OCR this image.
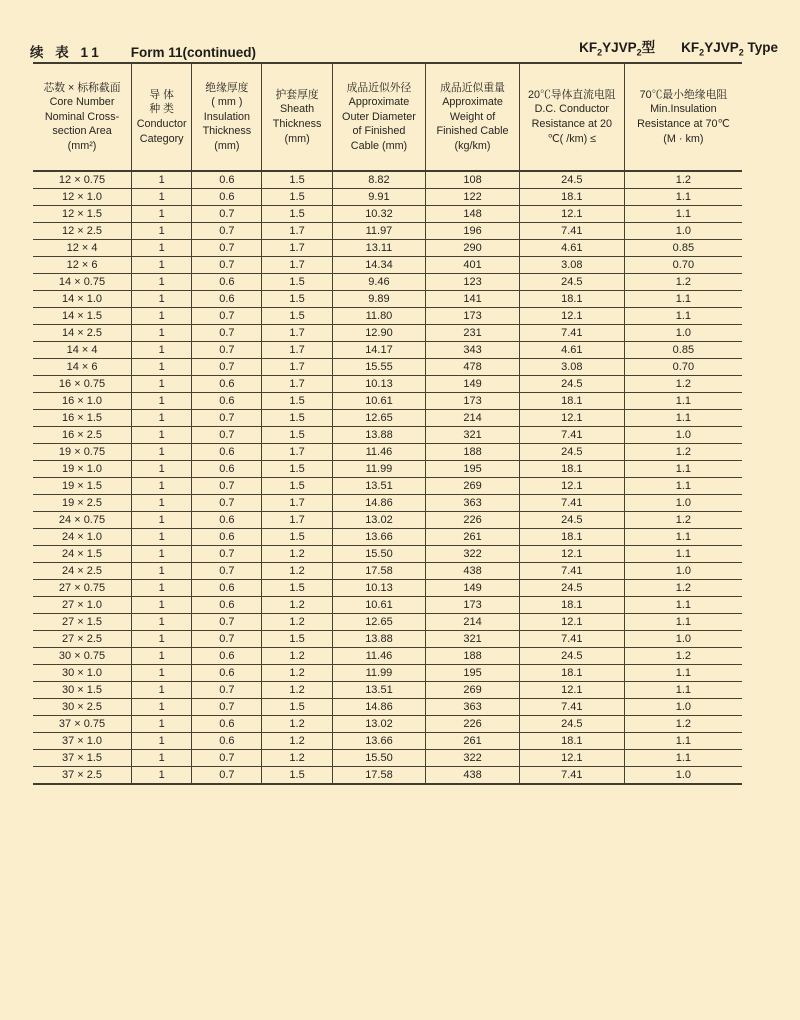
$KF_2YJVP_2$型 $KF_2YJVP_2$ Type

续 表 11 Form 11(continued)
芯数 × 标称截面
Core Number
Nominal Cross-
section Area
(mm²)	导 体
种 类
Conductor
Category	绝缘厚度
( mm )
Insulation
Thickness
(mm)	护套厚度
Sheath
Thickness
(mm)	成品近似外径
Approximate
Outer Diameter
of Finished
Cable (mm)	成品近似重量
Approximate
Weight of
Finished Cable
(kg/km)	20℃导体直流电阻
D.C. Conductor
Resistance at 20
℃( /km) ≤	70℃最小绝缘电阻
Min.Insulation
Resistance at 70℃
(M · km)
12 × 0.75	1	0.6	1.5	8.82	108	24.5	1.2
12 × 1.0	1	0.6	1.5	9.91	122	18.1	1.1
12 × 1.5	1	0.7	1.5	10.32	148	12.1	1.1
12 × 2.5	1	0.7	1.7	11.97	196	7.41	1.0
12 × 4	1	0.7	1.7	13.11	290	4.61	0.85
12 × 6	1	0.7	1.7	14.34	401	3.08	0.70
14 × 0.75	1	0.6	1.5	9.46	123	24.5	1.2
14 × 1.0	1	0.6	1.5	9.89	141	18.1	1.1
14 × 1.5	1	0.7	1.5	11.80	173	12.1	1.1
14 × 2.5	1	0.7	1.7	12.90	231	7.41	1.0
14 × 4	1	0.7	1.7	14.17	343	4.61	0.85
14 × 6	1	0.7	1.7	15.55	478	3.08	0.70
16 × 0.75	1	0.6	1.7	10.13	149	24.5	1.2
16 × 1.0	1	0.6	1.5	10.61	173	18.1	1.1
16 × 1.5	1	0.7	1.5	12.65	214	12.1	1.1
16 × 2.5	1	0.7	1.5	13.88	321	7.41	1.0
19 × 0.75	1	0.6	1.7	11.46	188	24.5	1.2
19 × 1.0	1	0.6	1.5	11.99	195	18.1	1.1
19 × 1.5	1	0.7	1.5	13.51	269	12.1	1.1
19 × 2.5	1	0.7	1.7	14.86	363	7.41	1.0
24 × 0.75	1	0.6	1.7	13.02	226	24.5	1.2
24 × 1.0	1	0.6	1.5	13.66	261	18.1	1.1
24 × 1.5	1	0.7	1.2	15.50	322	12.1	1.1
24 × 2.5	1	0.7	1.2	17.58	438	7.41	1.0
27 × 0.75	1	0.6	1.5	10.13	149	24.5	1.2
27 × 1.0	1	0.6	1.2	10.61	173	18.1	1.1
27 × 1.5	1	0.7	1.2	12.65	214	12.1	1.1
27 × 2.5	1	0.7	1.5	13.88	321	7.41	1.0
30 × 0.75	1	0.6	1.2	11.46	188	24.5	1.2
30 × 1.0	1	0.6	1.2	11.99	195	18.1	1.1
30 × 1.5	1	0.7	1.2	13.51	269	12.1	1.1
30 × 2.5	1	0.7	1.5	14.86	363	7.41	1.0
37 × 0.75	1	0.6	1.2	13.02	226	24.5	1.2
37 × 1.0	1	0.6	1.2	13.66	261	18.1	1.1
37 × 1.5	1	0.7	1.2	15.50	322	12.1	1.1
37 × 2.5	1	0.7	1.5	17.58	438	7.41	1.0
